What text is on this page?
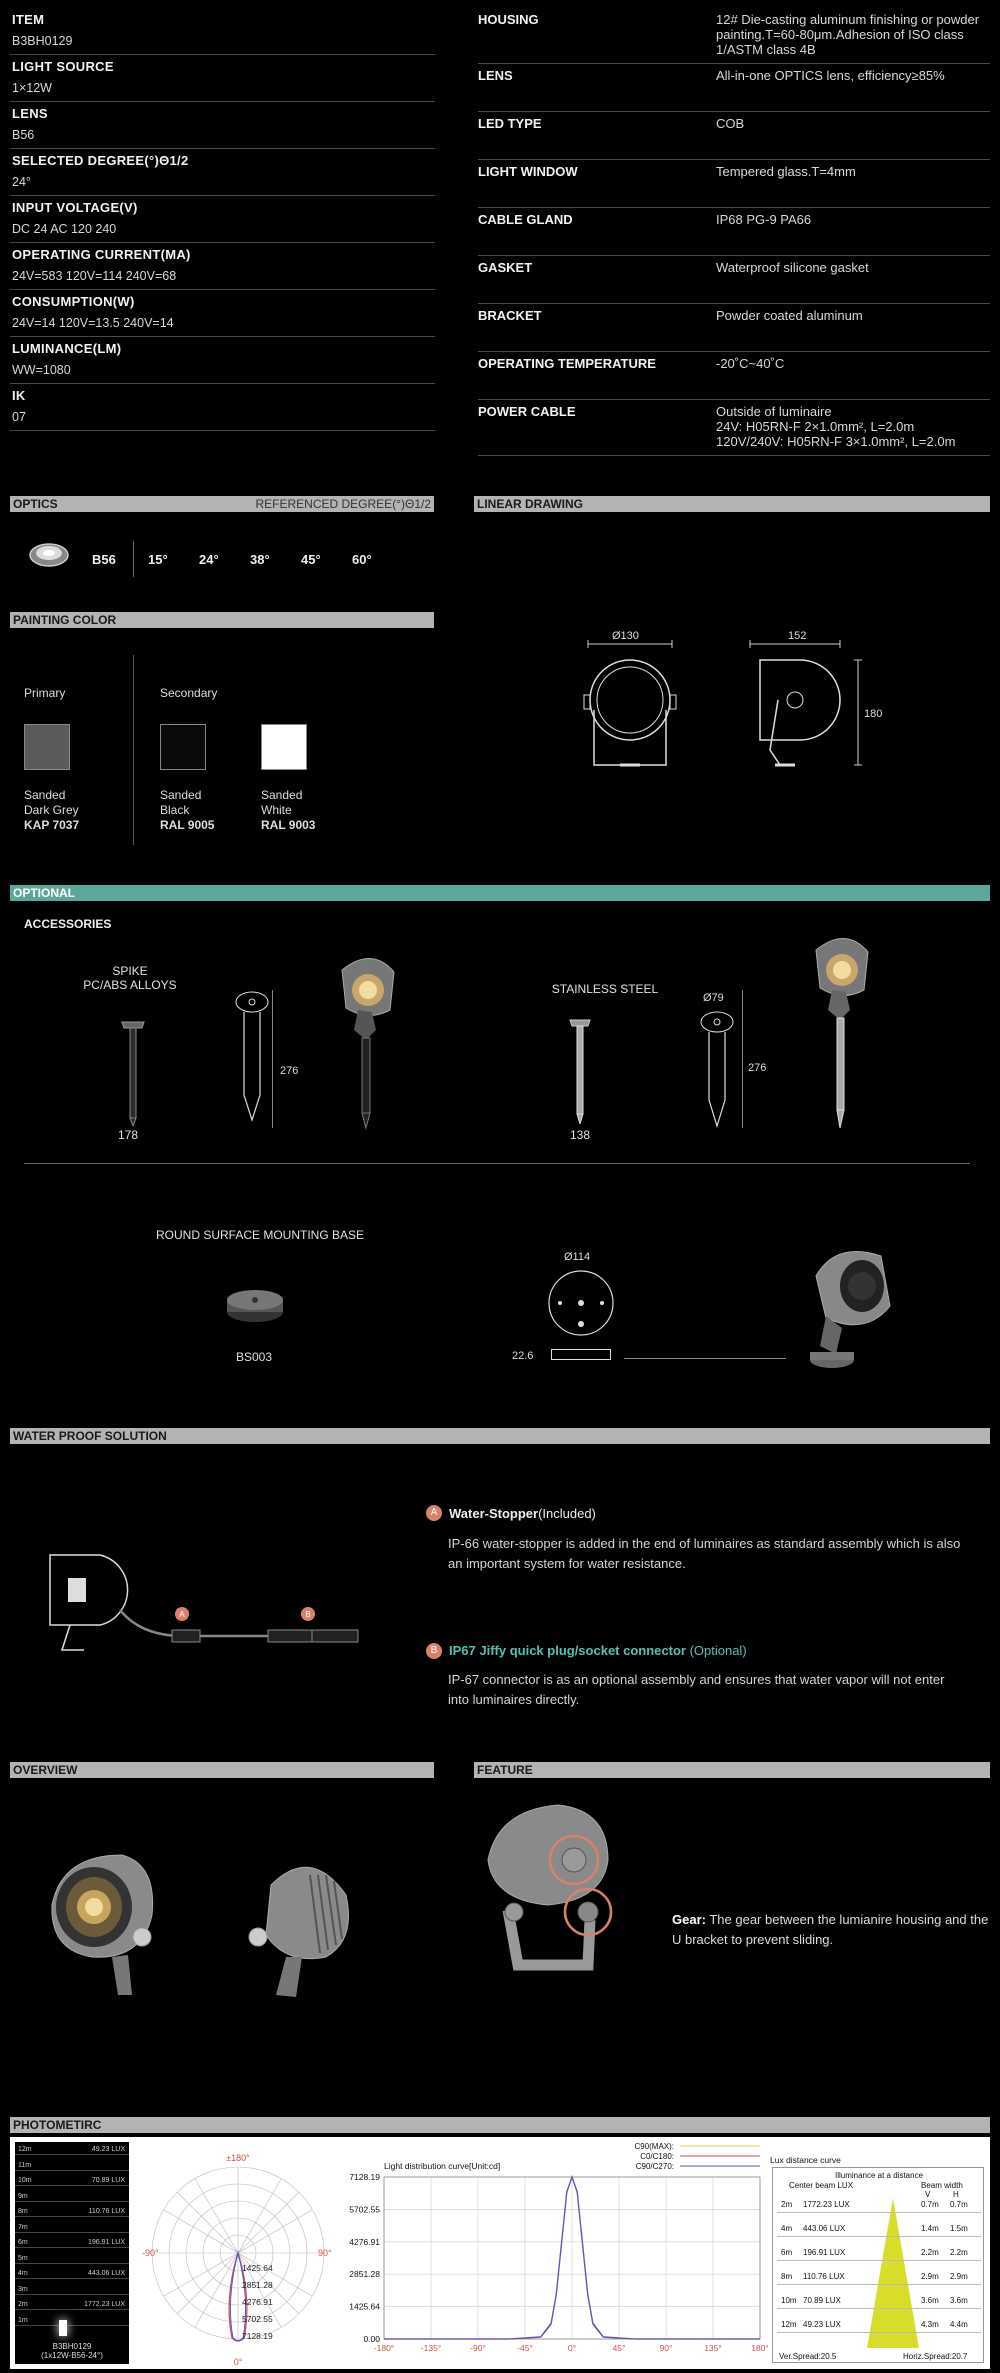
ITEM
B3BH0129
LIGHT SOURCE
1×12W
LENS
B56
SELECTED DEGREE(°)Θ1/2
24°
INPUT VOLTAGE(V)
DC 24 AC 120 240
OPERATING CURRENT(MA)
24V=583 120V=114 240V=68
CONSUMPTION(W)
24V=14 120V=13.5 240V=14
LUMINANCE(LM)
WW=1080
IK
07
HOUSING	12# Die-casting aluminum finishing or powder painting.T=60-80μm.Adhesion of ISO class 1/ASTM class 4B
LENS	All-in-one OPTICS lens, efficiency≥85%
LED TYPE	COB
LIGHT WINDOW	Tempered glass.T=4mm
CABLE GLAND	IP68 PG-9 PA66
GASKET	Waterproof silicone gasket
BRACKET	Powder coated aluminum
OPERATING TEMPERATURE	-20˚C~40˚C
POWER CABLE	Outside of luminaire
24V: H05RN-F 2×1.0mm², L=2.0m
120V/240V: H05RN-F 3×1.0mm², L=2.0m
OPTICS	REFERENCED DEGREE(°)Θ1/2
B56 15°	24°	38°	45°	60°
LINEAR DRAWING
Ø130	152
180
PAINTING COLOR
Primary	Secondary
Sanded
Dark Grey
KAP 7037
Sanded
Black
RAL 9005
Sanded
White
RAL 9003
OPTIONAL
ACCESSORIES
SPIKE
PC/ABS ALLOYS
178
276
STAINLESS STEEL
138
Ø79
276
ROUND SURFACE MOUNTING BASE
BS003
Ø114
22.6
WATER PROOF SOLUTION
A	B
A Water-Stopper(Included)
IP-66 water-stopper is added in the end of luminaires as standard assembly which is also an important system for water resistance.
B IP67 Jiffy quick plug/socket connector (Optional)
IP-67 connector is as an optional assembly and ensures that water vapor will not enter into luminaires directly.
OVERVIEW	FEATURE
Gear: The gear between the lumianire housing and the U bracket to prevent sliding.
PHOTOMETIRC
12m	49.23 LUX
11m
10m	70.89 LUX
9m
8m	110.76 LUX
7m
6m	196.91 LUX
5m
4m	443.06 LUX
3m
2m	1772.23 LUX
1m
B3BH0129
(1x12W-B56-24°)
±180°
-90°	90°
0°
1425.64
2851.28
4276.91
5702.55
7128.19
Light distribution curve[Unit:cd]
C90(MAX):
C0/C180:
C90/C270:
7128.19
5702.55
4276.91
2851.28
1425.64
0.00
-180°	-135°	-90°	-45°	0°	45°	90°	135°	180°
Lux distance curve
Illuminance at a distance
Center beam LUX	Beam width
V	H
2m 1772.23 LUX	0.7m 0.7m
4m 443.06 LUX	1.4m 1.5m
6m 196.91 LUX	2.2m 2.2m
8m 110.76 LUX	2.9m 2.9m
10m 70.89 LUX	3.6m 3.6m
12m 49.23 LUX	4.3m 4.4m
Ver.Spread:20.5	Horiz.Spread:20.7
